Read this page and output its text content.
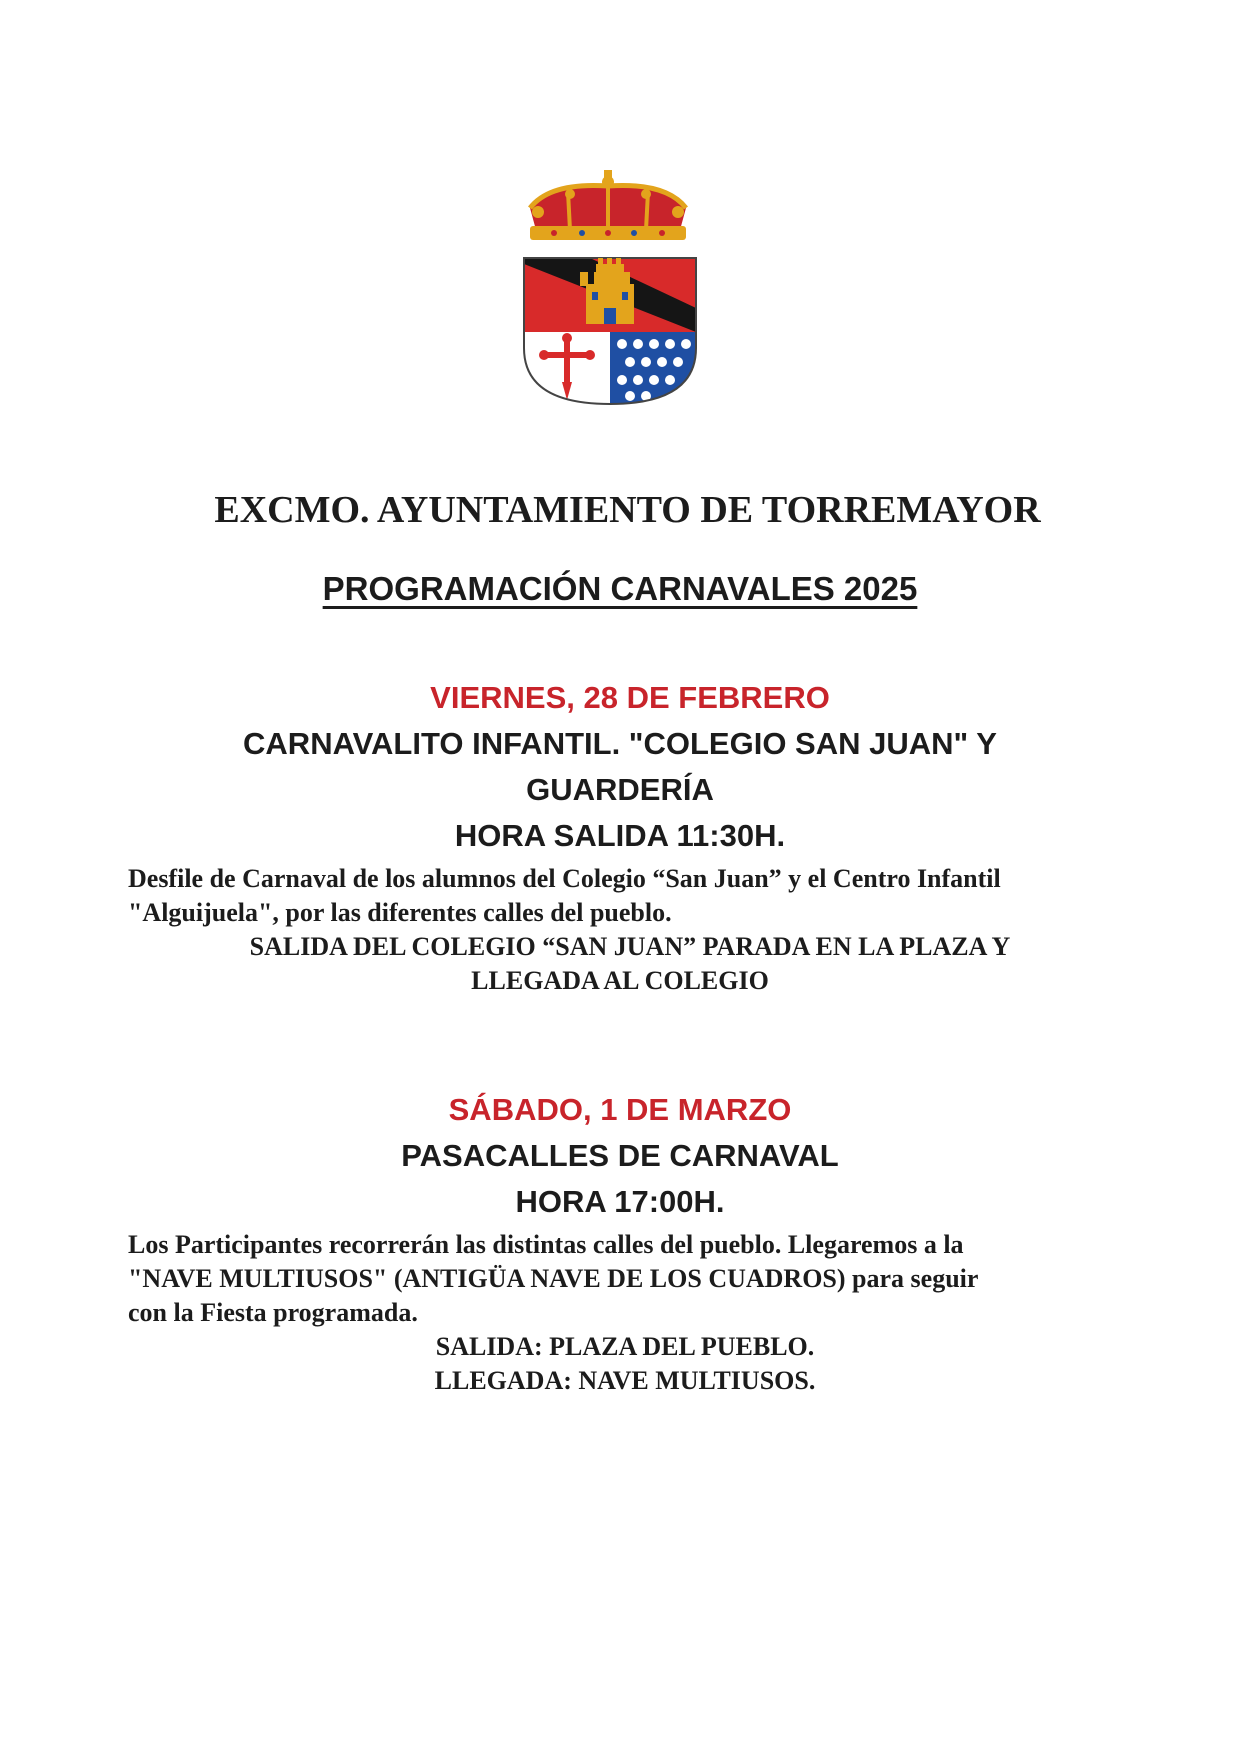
EXCMO. AYUNTAMIENTO DE TORREMAYOR
PROGRAMACIÓN CARNAVALES 2025
VIERNES, 28 DE FEBRERO
CARNAVALITO INFANTIL. "COLEGIO SAN JUAN" Y
GUARDERÍA
HORA SALIDA 11:30H.
Desfile de Carnaval de los alumnos del Colegio “San Juan” y el Centro Infantil
"Alguijuela", por las diferentes calles del pueblo.
SALIDA DEL COLEGIO “SAN JUAN” PARADA EN LA PLAZA Y
LLEGADA AL COLEGIO
SÁBADO, 1 DE MARZO
PASACALLES DE CARNAVAL
HORA 17:00H.
Los Participantes recorrerán las distintas calles del pueblo. Llegaremos a la
"NAVE MULTIUSOS" (ANTIGÜA NAVE DE LOS CUADROS) para seguir
con la Fiesta programada.
SALIDA: PLAZA DEL PUEBLO.
LLEGADA: NAVE MULTIUSOS.
